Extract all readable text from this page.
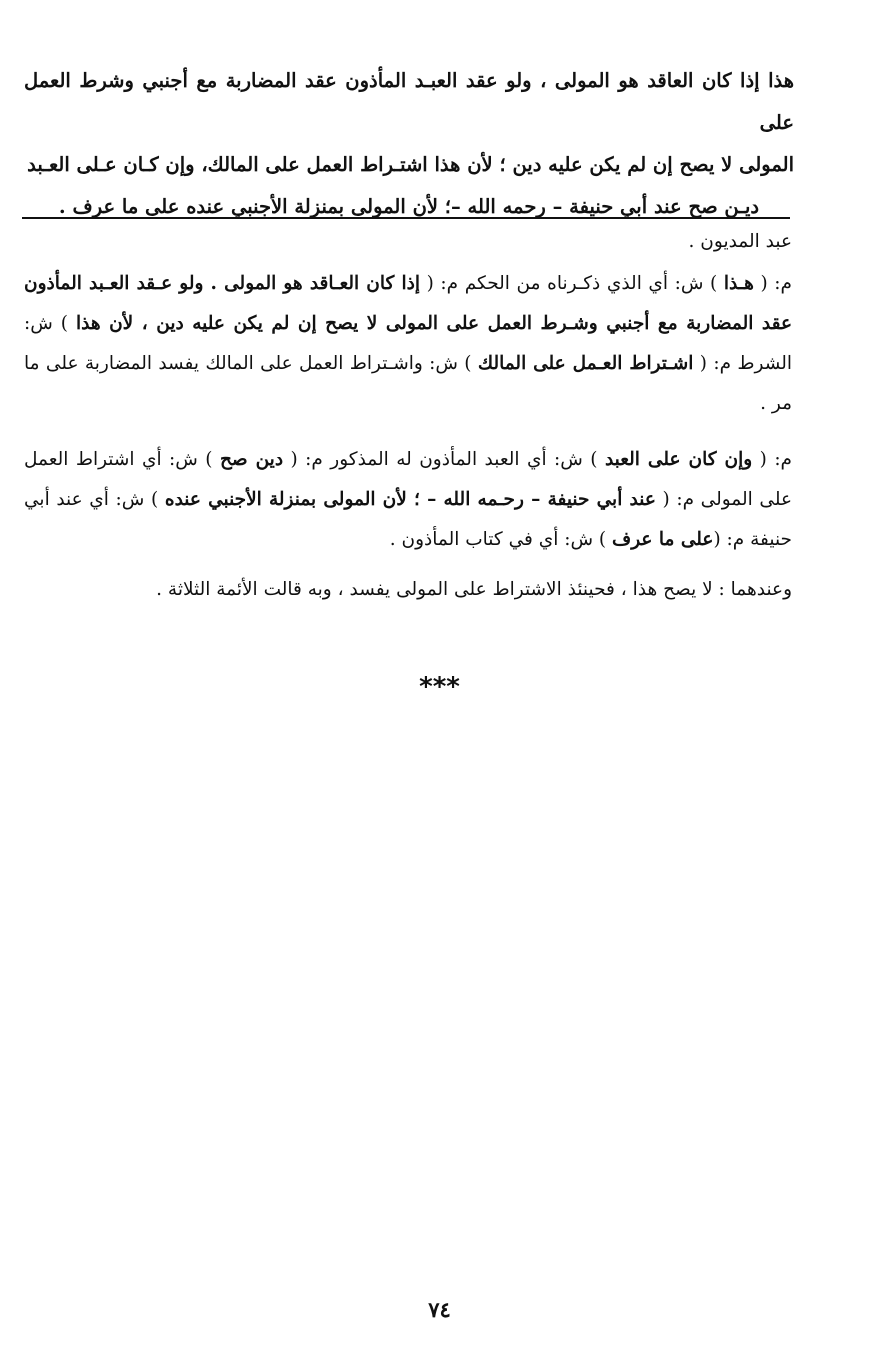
هذا إذا كان العاقد هو المولى ، ولو عقد العبـد المأذون عقد المضاربة مع أجنبي وشرط العمل على
المولى لا يصح إن لم يكن عليه دين ؛ لأن هذا اشتـراط العمل على المالك، وإن كـان عـلى العـبد
ديـن صح عند أبي حنيفة – رحمه الله –؛ لأن المولى بمنزلة الأجنبي عنده على ما عرف .
عبد المديون .
م: ( هـذا ) ش: أي الذي ذكـرناه من الحكم م: ( إذا كان العـاقد هو المولى . ولو عـقد العـبد المأذون عقد المضاربة مع أجنبي وشـرط العمل على المولى لا يصح إن لم يكن عليه دين ، لأن هذا ) ش: الشرط م: ( اشـتراط العـمل على المالك ) ش: واشـتراط العمل على المالك يفسد المضاربة على ما مر .
م: ( وإن كان على العبد ) ش: أي العبد المأذون له المذكور م: ( دين صح ) ش: أي اشتراط العمل على المولى م: ( عند أبي حنيفة – رحـمه الله – ؛ لأن المولى بمنزلة الأجنبي عنده ) ش: أي عند أبي حنيفة م: (على ما عرف ) ش: أي في كتاب المأذون .
وعندهما : لا يصح هذا ، فحينئذ الاشتراط على المولى يفسد ، وبه قالت الأئمة الثلاثة .
***
٧٤
